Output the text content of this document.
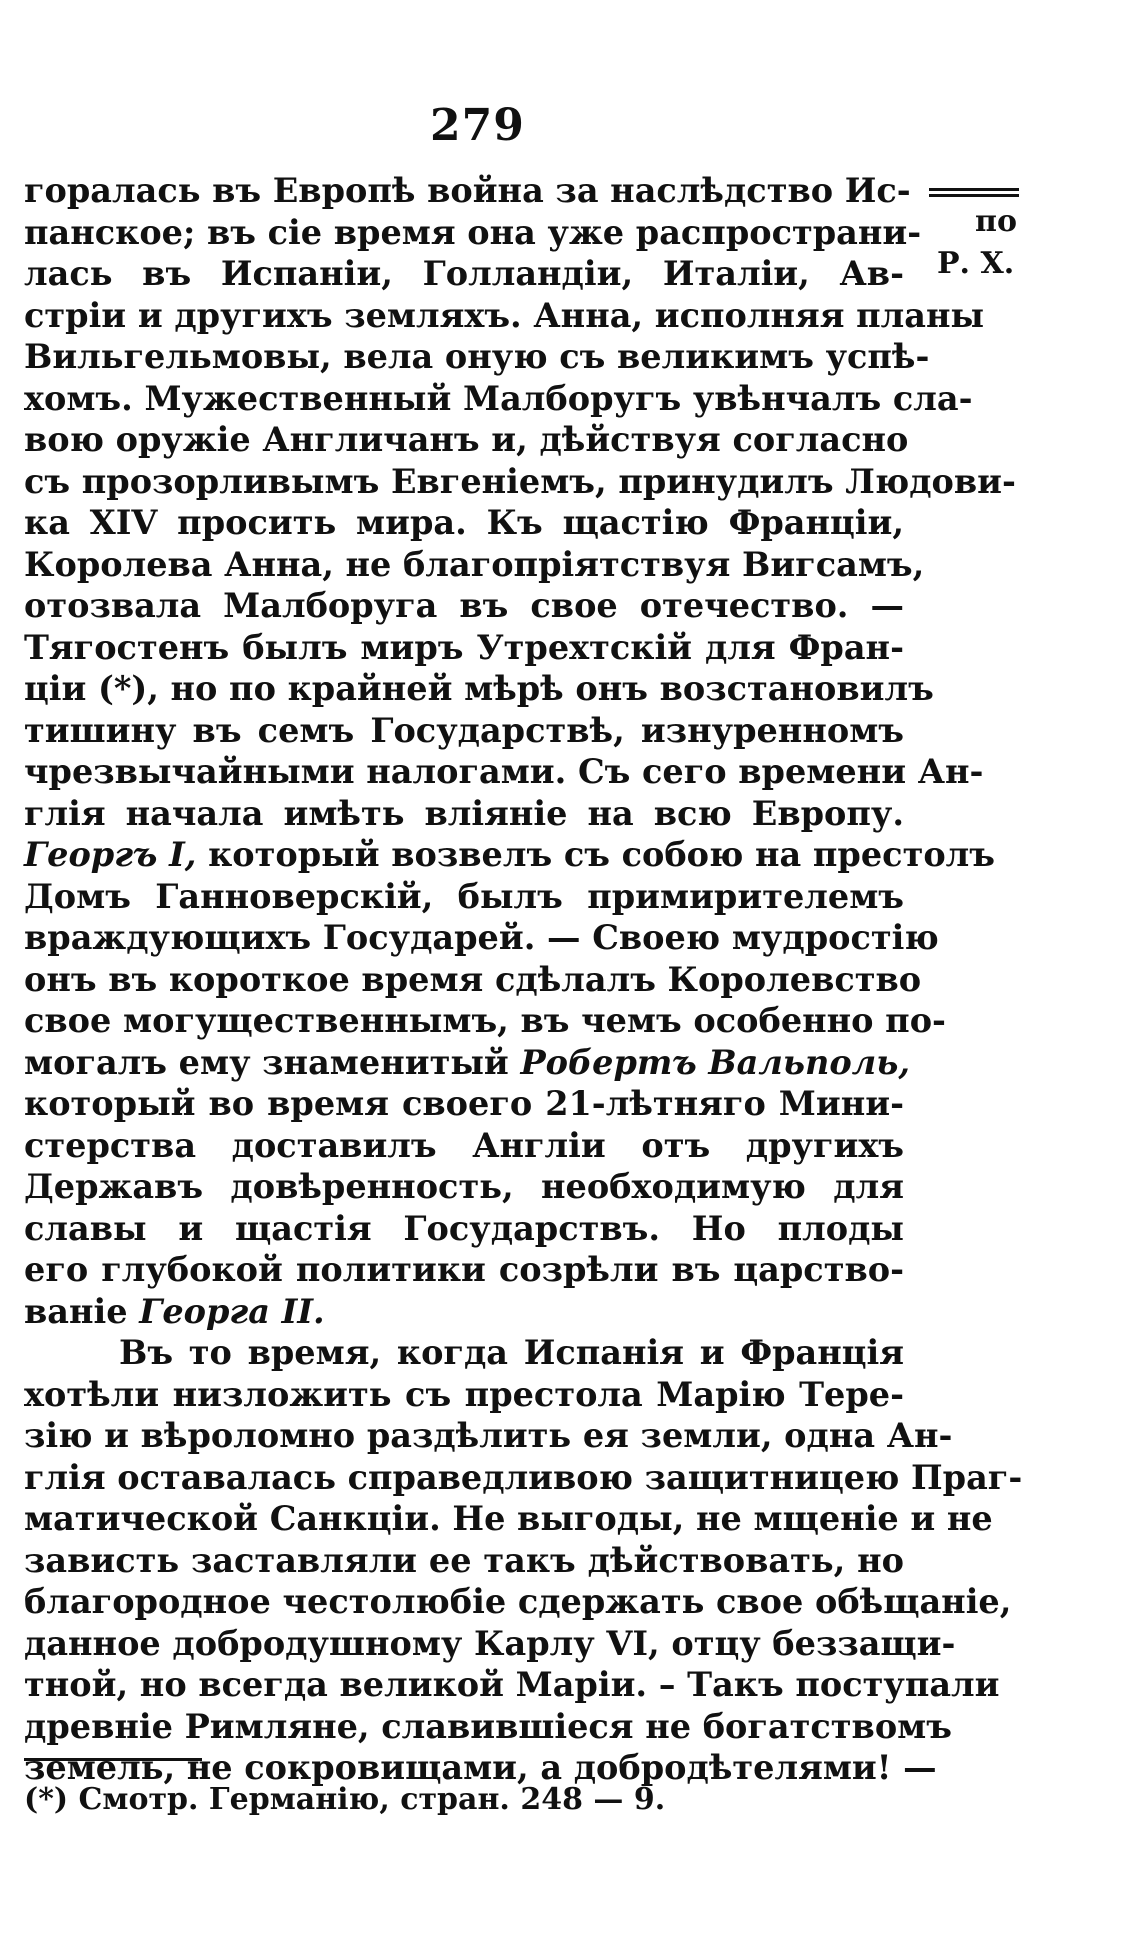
279
по
Р. Х.
горалась въ Европѣ война за наслѣдство Ис-
панское; въ сіе время она уже распространи-
лась въ Испаніи, Голландіи, Италіи, Ав-
стріи и другихъ земляхъ. Анна, исполняя планы
Вильгельмовы, вела оную съ великимъ успѣ-
хомъ. Мужественный Малборугъ увѣнчалъ сла-
вою оружіе Англичанъ и, дѣйствуя согласно
съ прозорливымъ Евгеніемъ, принудилъ Людови-
ка XIV просить мира. Къ щастію Франціи,
Королева Анна, не благопріятствуя Вигсамъ,
отозвала Малборуга въ свое отечество. —
Тягостенъ былъ миръ Утрехтскій для Фран-
ціи (*), но по крайней мѣрѣ онъ возстановилъ
тишину въ семъ Государствѣ, изнуренномъ
чрезвычайными налогами. Съ сего времени Ан-
глія начала имѣть вліяніе на всю Европу.
Георгъ I, который возвелъ съ собою на престолъ
Домъ Ганноверскій, былъ примирителемъ
враждующихъ Государей. — Своею мудростію
онъ въ короткое время сдѣлалъ Королевство
свое могущественнымъ, въ чемъ особенно по-
могалъ ему знаменитый Робертъ Вальполь,
который во время своего 21-лѣтняго Мини-
стерства доставилъ Англіи отъ другихъ
Державъ довѣренность, необходимую для
славы и щастія Государствъ. Но плоды
его глубокой политики созрѣли въ царство-
ваніе Георга II.
Въ то время, когда Испанія и Франція
хотѣли низложить съ престола Марію Тере-
зію и вѣроломно раздѣлить ея земли, одна Ан-
глія оставалась справедливою защитницею Праг-
матической Санкціи. Не выгоды, не мщеніе и не
зависть заставляли ее такъ дѣйствовать, но
благородное честолюбіе сдержать свое обѣщаніе,
данное добродушному Карлу VI, отцу беззащи-
тной, но всегда великой Маріи. – Такъ поступали
древніе Римляне, славившіеся не богатствомъ
земель, не сокровищами, а добродѣтелями! —
(*) Смотр. Германію, стран. 248 — 9.
